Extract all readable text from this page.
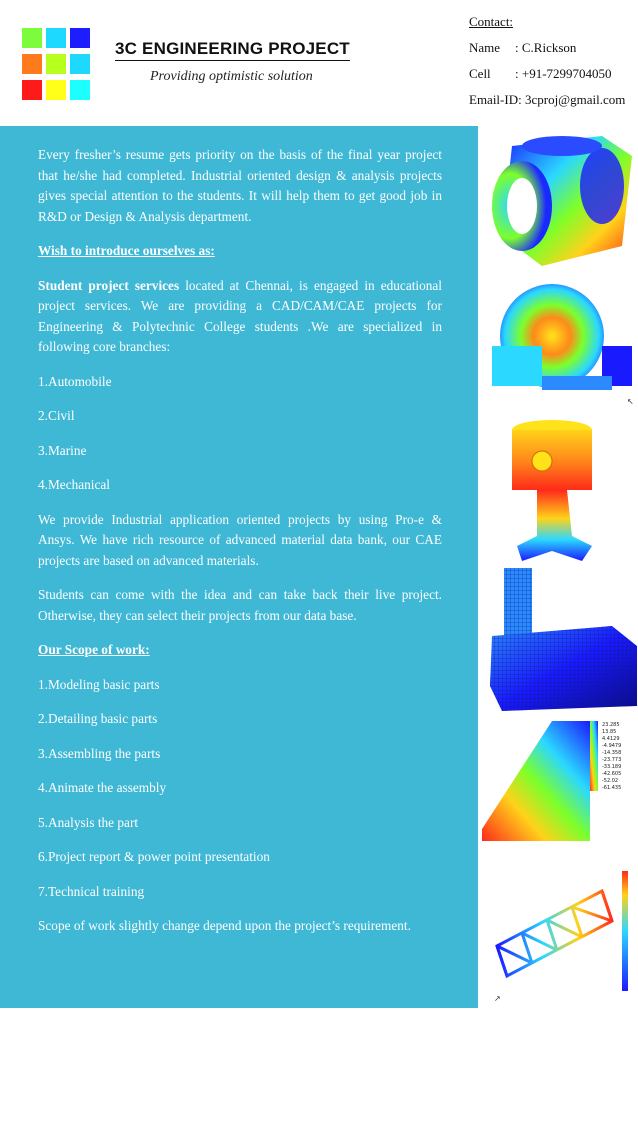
3C ENGINEERING PROJECT
Providing optimistic solution
Contact:
Name : C.Rickson
Cell : +91-7299704050
Email-ID: 3cproj@gmail.com

Every fresher’s resume gets priority on the basis of the final year project that he/she had completed. Industrial oriented design & analysis projects gives special attention to the students. It will help them to get good job in R&D or Design & Analysis department.

Wish to introduce ourselves as:

Student project services located at Chennai, is engaged in educational project services. We are providing a CAD/CAM/CAE projects for Engineering & Polytechnic College students .We are specialized in following core branches:

1.Automobile

2.Civil

3.Marine

4.Mechanical

We provide Industrial application oriented projects by using Pro-e & Ansys. We have rich resource of advanced material data bank, our CAE projects are based on advanced materials.

Students can come with the idea and can take back their live project. Otherwise, they can select their projects from our data base.

Our Scope of work:

1.Modeling basic parts

2.Detailing basic parts

3.Assembling the parts

4.Animate the assembly

5.Analysis the part

6.Project report & power point presentation

7.Technical training

Scope of work slightly change depend upon the project’s requirement.

↖
23.285
13.85
4.4129
-4.9479
-14.358
-23.773
-33.189
-42.605
-52.02
-61.435
↗
